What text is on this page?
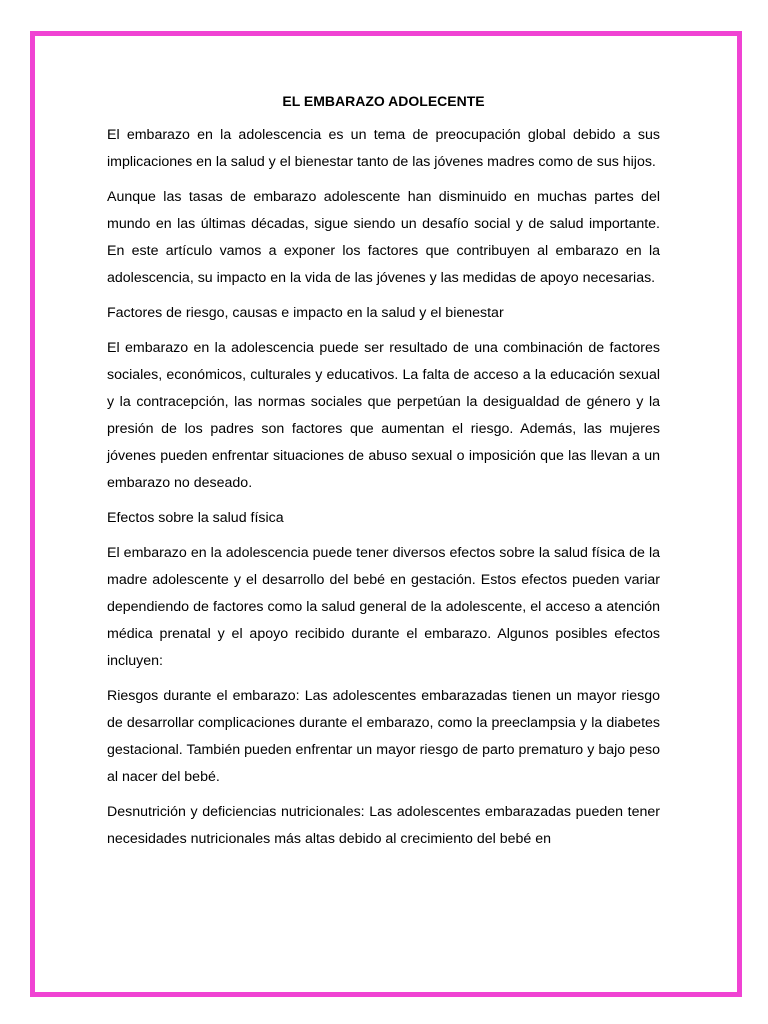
EL EMBARAZO ADOLECENTE

El embarazo en la adolescencia es un tema de preocupación global debido a sus implicaciones en la salud y el bienestar tanto de las jóvenes madres como de sus hijos.

Aunque las tasas de embarazo adolescente han disminuido en muchas partes del mundo en las últimas décadas, sigue siendo un desafío social y de salud importante. En este artículo vamos a exponer los factores que contribuyen al embarazo en la adolescencia, su impacto en la vida de las jóvenes y las medidas de apoyo necesarias.

Factores de riesgo, causas e impacto en la salud y el bienestar

El embarazo en la adolescencia puede ser resultado de una combinación de factores sociales, económicos, culturales y educativos. La falta de acceso a la educación sexual y la contracepción, las normas sociales que perpetúan la desigualdad de género y la presión de los padres son factores que aumentan el riesgo. Además, las mujeres jóvenes pueden enfrentar situaciones de abuso sexual o imposición que las llevan a un embarazo no deseado.

Efectos sobre la salud física

El embarazo en la adolescencia puede tener diversos efectos sobre la salud física de la madre adolescente y el desarrollo del bebé en gestación. Estos efectos pueden variar dependiendo de factores como la salud general de la adolescente, el acceso a atención médica prenatal y el apoyo recibido durante el embarazo. Algunos posibles efectos incluyen:

Riesgos durante el embarazo: Las adolescentes embarazadas tienen un mayor riesgo de desarrollar complicaciones durante el embarazo, como la preeclampsia y la diabetes gestacional. También pueden enfrentar un mayor riesgo de parto prematuro y bajo peso al nacer del bebé.

Desnutrición y deficiencias nutricionales: Las adolescentes embarazadas pueden tener necesidades nutricionales más altas debido al crecimiento del bebé en
